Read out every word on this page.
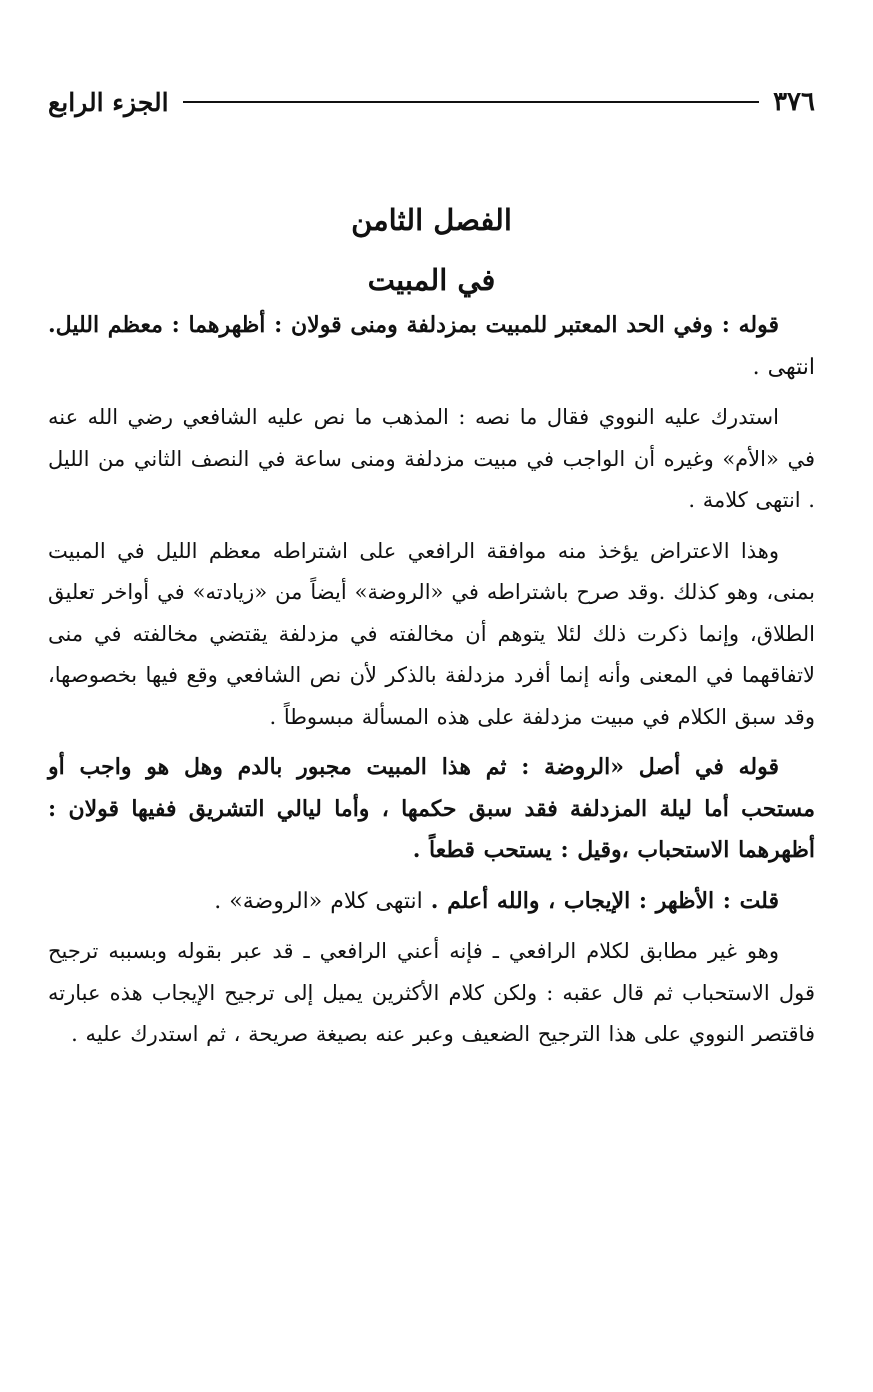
٣٧٦
الجزء الرابع
الفصل الثامن
في المبيت

قوله : وفي الحد المعتبر للمبيت بمزدلفة ومنى قولان : أظهرهما : معظم الليل. انتهى .

استدرك عليه النووي فقال ما نصه : المذهب ما نص عليه الشافعي رضي الله عنه في «الأم» وغيره أن الواجب في مبيت مزدلفة ومنى ساعة في النصف الثاني من الليل . انتهى كلامة .

وهذا الاعتراض يؤخذ منه موافقة الرافعي على اشتراطه معظم الليل في المبيت بمنى، وهو كذلك .وقد صرح باشتراطه في «الروضة» أيضاً من «زيادته» في أواخر تعليق الطلاق، وإنما ذكرت ذلك لئلا يتوهم أن مخالفته في مزدلفة يقتضي مخالفته في منى لاتفاقهما في المعنى وأنه إنما أفرد مزدلفة بالذكر لأن نص الشافعي وقع فيها بخصوصها، وقد سبق الكلام في مبيت مزدلفة على هذه المسألة مبسوطاً .

قوله في أصل «الروضة : ثم هذا المبيت مجبور بالدم وهل هو واجب أو مستحب أما ليلة المزدلفة فقد سبق حكمها ، وأما ليالي التشريق ففيها قولان : أظهرهما الاستحباب ،وقيل : يستحب قطعاً .

قلت : الأظهر : الإيجاب ، والله أعلم . انتهى كلام «الروضة» .

وهو غير مطابق لكلام الرافعي ـ فإنه أعني الرافعي ـ قد عبر بقوله وبسببه ترجيح قول الاستحباب ثم قال عقبه : ولكن كلام الأكثرين يميل إلى ترجيح الإيجاب هذه عبارته فاقتصر النووي على هذا الترجيح الضعيف وعبر عنه بصيغة صريحة ، ثم استدرك عليه .
